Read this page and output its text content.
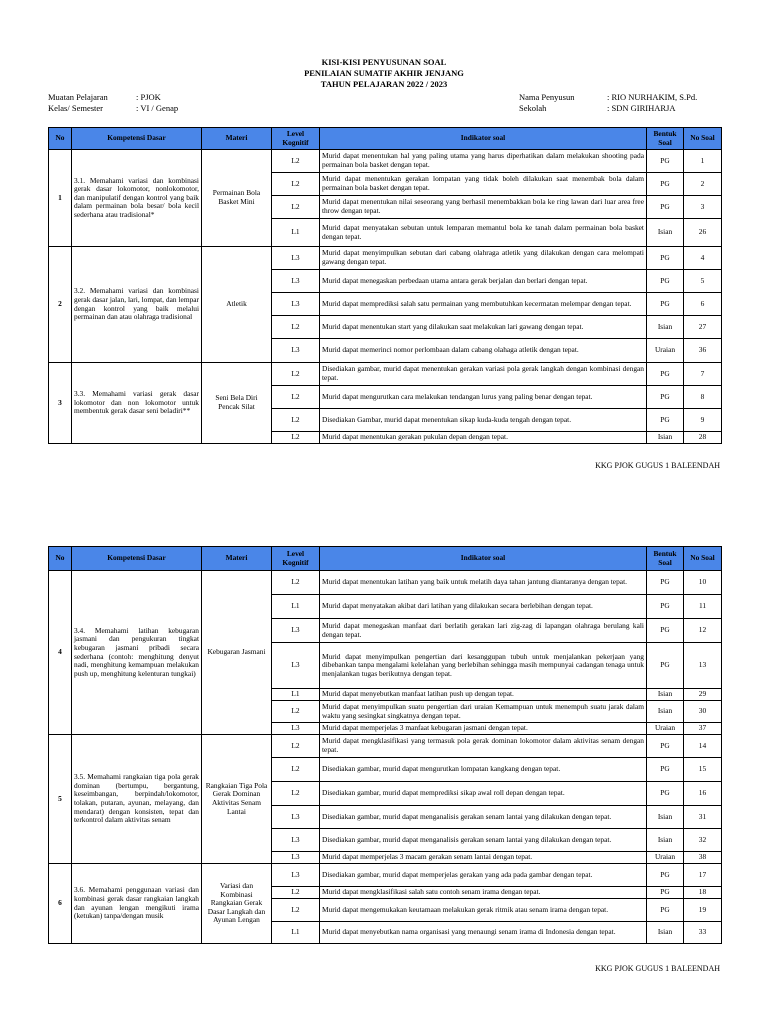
KISI-KISI PENYUSUNAN SOAL
PENILAIAN SUMATIF AKHIR JENJANG
TAHUN PELAJARAN 2022 / 2023
Muatan Pelajaran	: PJOK
Kelas/ Semester	: VI / Genap
Nama Penyusun	: RIO NURHAKIM, S.Pd.
Sekolah	: SDN GIRIHARJA
No	Kompetensi Dasar	Materi	Level Kognitif	Indikator soal	Bentuk Soal	No Soal
1	3.1. Memahami variasi dan kombinasi gerak dasar lokomotor, nonlokomotor, dan manipulatif dengan kontrol yang baik dalam permainan bola besar/ bola kecil sederhana atau tradisional*	Permainan Bola Basket Mini	L2	Murid dapat menentukan hal yang paling utama yang harus diperhatikan dalam melakukan shooting pada permainan bola basket dengan tepat.	PG	1
			L2	Murid dapat menentukan gerakan lompatan yang tidak boleh dilakukan saat menembak bola dalam permainan bola basket dengan tepat.	PG	2
			L2	Murid dapat menentukan nilai seseorang yang berhasil menembakkan bola ke ring lawan dari luar area free throw dengan tepat.	PG	3
			L1	Murid dapat menyatakan sebutan untuk lemparan memantul bola ke tanah dalam permainan bola basket dengan tepat.	Isian	26
2	3.2. Memahami variasi dan kombinasi gerak dasar jalan, lari, lompat, dan lempar dengan kontrol yang baik melalui permainan dan atau olahraga tradisional	Atletik	L3	Murid dapat menyimpulkan sebutan dari cabang olahraga atletik yang dilakukan dengan cara melompati gawang dengan tepat.	PG	4
			L3	Murid dapat menegaskan perbedaan utama antara gerak berjalan dan berlari dengan tepat.	PG	5
			L3	Murid dapat memprediksi salah satu permainan yang membutuhkan kecermatan melempar dengan tepat.	PG	6
			L2	Murid dapat menentukan start yang dilakukan saat melakukan lari gawang dengan tepat.	Isian	27
			L3	Murid dapat memerinci nomor perlombaan dalam cabang olahaga atletik dengan tepat.	Uraian	36
3	3.3. Memahami variasi gerak dasar lokomotor dan non lokomotor untuk membentuk gerak dasar seni beladiri**	Seni Bela Diri Pencak Silat	L2	Disediakan gambar, murid dapat menentukan gerakan variasi pola gerak langkah dengan kombinasi dengan tepat.	PG	7
			L2	Murid dapat mengurutkan cara melakukan tendangan lurus yang paling benar dengan tepat.	PG	8
			L2	Disediakan Gambar, murid dapat menentukan sikap kuda-kuda tengah dengan tepat.	PG	9
			L2	Murid dapat menentukan gerakan pukulan depan dengan tepat.	Isian	28
KKG PJOK GUGUS 1 BALEENDAH
No	Kompetensi Dasar	Materi	Level Kognitif	Indikator soal	Bentuk Soal	No Soal
4	3.4. Memahami latihan kebugaran jasmani dan pengukuran tingkat kebugaran jasmani pribadi secara sederhana (contoh: menghitung denyut nadi, menghitung kemampuan melakukan push up, menghitung kelenturan tungkai)	Kebugaran Jasmani	L2	Murid dapat menentukan latihan yang baik untuk melatih daya tahan jantung diantaranya dengan tepat.	PG	10
			L1	Murid dapat menyatakan akibat dari latihan yang dilakukan secara berlebihan dengan tepat.	PG	11
			L3	Murid dapat menegaskan manfaat dari berlatih gerakan lari zig-zag di lapangan olahraga berulang kali dengan tepat.	PG	12
			L3	Murid dapat menyimpulkan pengertian dari kesanggupan tubuh untuk menjalankan pekerjaan yang dibebankan tanpa mengalami kelelahan yang berlebihan sehingga masih mempunyai cadangan tenaga untuk menjalankan tugas berikutnya dengan tepat.	PG	13
			L1	Murid dapat menyebutkan manfaat latihan push up dengan tepat.	Isian	29
			L2	Murid dapat menyimpulkan suatu pengertian dari uraian Kemampuan untuk menempuh suatu jarak dalam waktu yang sesingkat singkatnya dengan tepat.	Isian	30
			L3	Murid dapat memperjelas 3 manfaat kebugaran jasmani dengan tepat.	Uraian	37
5	3.5. Memahami rangkaian tiga pola gerak dominan (bertumpu, bergantung, keseimbangan, berpindah/lokomotor, tolakan, putaran, ayunan, melayang, dan mendarat) dengan konsisten, tepat dan terkontrol dalam aktivitas senam	Rangkaian Tiga Pola Gerak Dominan Aktivitas Senam Lantai	L2	Murid dapat mengklasifikasi yang termasuk pola gerak dominan lokomotor dalam aktivitas senam dengan tepat.	PG	14
			L2	Disediakan gambar, murid dapat mengurutkan lompatan kangkang dengan tepat.	PG	15
			L2	Disediakan gambar, murid dapat memprediksi sikap awal roll depan dengan tepat.	PG	16
			L3	Disediakan gambar, murid dapat menganalisis gerakan senam lantai yang dilakukan dengan tepat.	Isian	31
			L3	Disediakan gambar, murid dapat menganalisis gerakan senam lantai yang dilakukan dengan tepat.	Isian	32
			L3	Murid dapat memperjelas 3 macam gerakan senam lantai dengan tepat.	Uraian	38
6	3.6. Memahami penggunaan variasi dan kombinasi gerak dasar rangkaian langkah dan ayunan lengan mengikuti irama (ketukan) tanpa/dengan musik	Variasi dan Kombinasi Rangkaian Gerak Dasar Langkah dan Ayunan Lengan	L3	Disediakan gambar, murid dapat memperjelas gerakan yang ada pada gambar dengan tepat.	PG	17
			L2	Murid dapat mengklasifikasi salah satu contoh senam irama dengan tepat.	PG	18
			L2	Murid dapat mengemukakan keutamaan melakukan gerak ritmik atau senam irama dengan tepat.	PG	19
			L1	Murid dapat menyebutkan nama organisasi yang menaungi senam irama di Indonesia dengan tepat.	Isian	33
KKG PJOK GUGUS 1 BALEENDAH
